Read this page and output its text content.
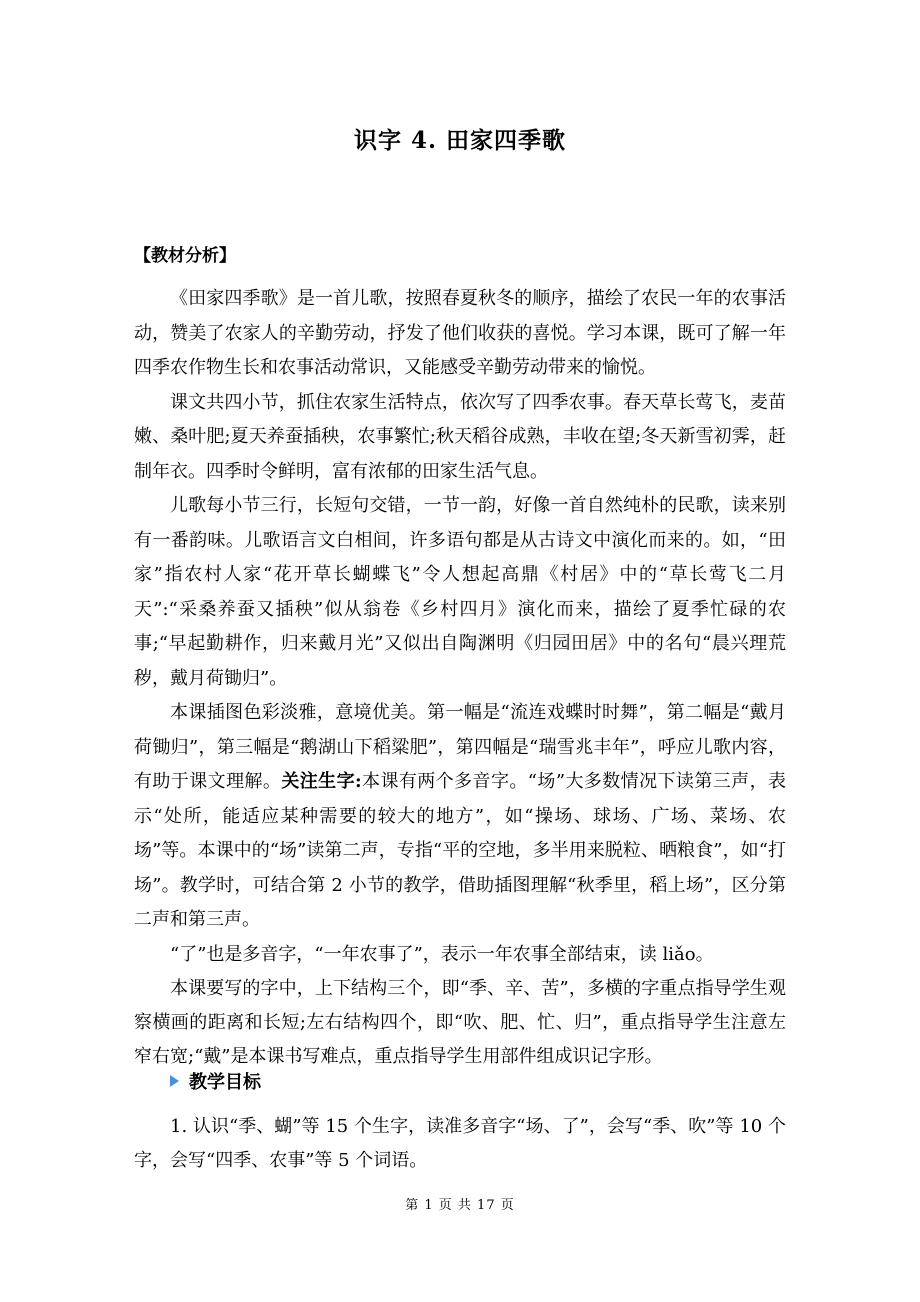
识字 4. 田家四季歌
【教材分析】

《田家四季歌》是一首儿歌，按照春夏秋冬的顺序，描绘了农民一年的农事活动，赞美了农家人的辛勤劳动，抒发了他们收获的喜悦。学习本课，既可了解一年四季农作物生长和农事活动常识，又能感受辛勤劳动带来的愉悦。

课文共四小节，抓住农家生活特点，依次写了四季农事。春天草长莺飞，麦苗嫩、桑叶肥;夏天养蚕插秧，农事繁忙;秋天稻谷成熟，丰收在望;冬天新雪初霁，赶制年衣。四季时令鲜明，富有浓郁的田家生活气息。

儿歌每小节三行，长短句交错，一节一韵，好像一首自然纯朴的民歌，读来别有一番韵味。儿歌语言文白相间，许多语句都是从古诗文中演化而来的。如，“田家”指农村人家“花开草长蝴蝶飞”令人想起高鼎《村居》中的“草长莺飞二月天”:“采桑养蚕又插秧”似从翁卷《乡村四月》演化而来，描绘了夏季忙碌的农事;“早起勤耕作，归来戴月光”又似出自陶渊明《归园田居》中的名句“晨兴理荒秽，戴月荷锄归”。

本课插图色彩淡雅，意境优美。第一幅是“流连戏蝶时时舞”，第二幅是“戴月荷锄归”，第三幅是“鹅湖山下稻粱肥”，第四幅是“瑞雪兆丰年”，呼应儿歌内容，有助于课文理解。关注生字:本课有两个多音字。“场”大多数情况下读第三声，表示“处所，能适应某种需要的较大的地方”，如“操场、球场、广场、菜场、农场”等。本课中的“场”读第二声，专指“平的空地，多半用来脱粒、晒粮食”，如“打场”。教学时，可结合第 2 小节的教学，借助插图理解“秋季里，稻上场”，区分第二声和第三声。

“了”也是多音字，“一年农事了”，表示一年农事全部结束，读 liǎo。

本课要写的字中，上下结构三个，即“季、辛、苦”，多横的字重点指导学生观察横画的距离和长短;左右结构四个，即“吹、肥、忙、归”，重点指导学生注意左窄右宽;“戴”是本课书写难点，重点指导学生用部件组成识记字形。

教学目标

1. 认识“季、蝴”等 15 个生字，读准多音字“场、了”，会写“季、吹”等 10 个字，会写“四季、农事”等 5 个词语。

第 1 页 共 17 页
